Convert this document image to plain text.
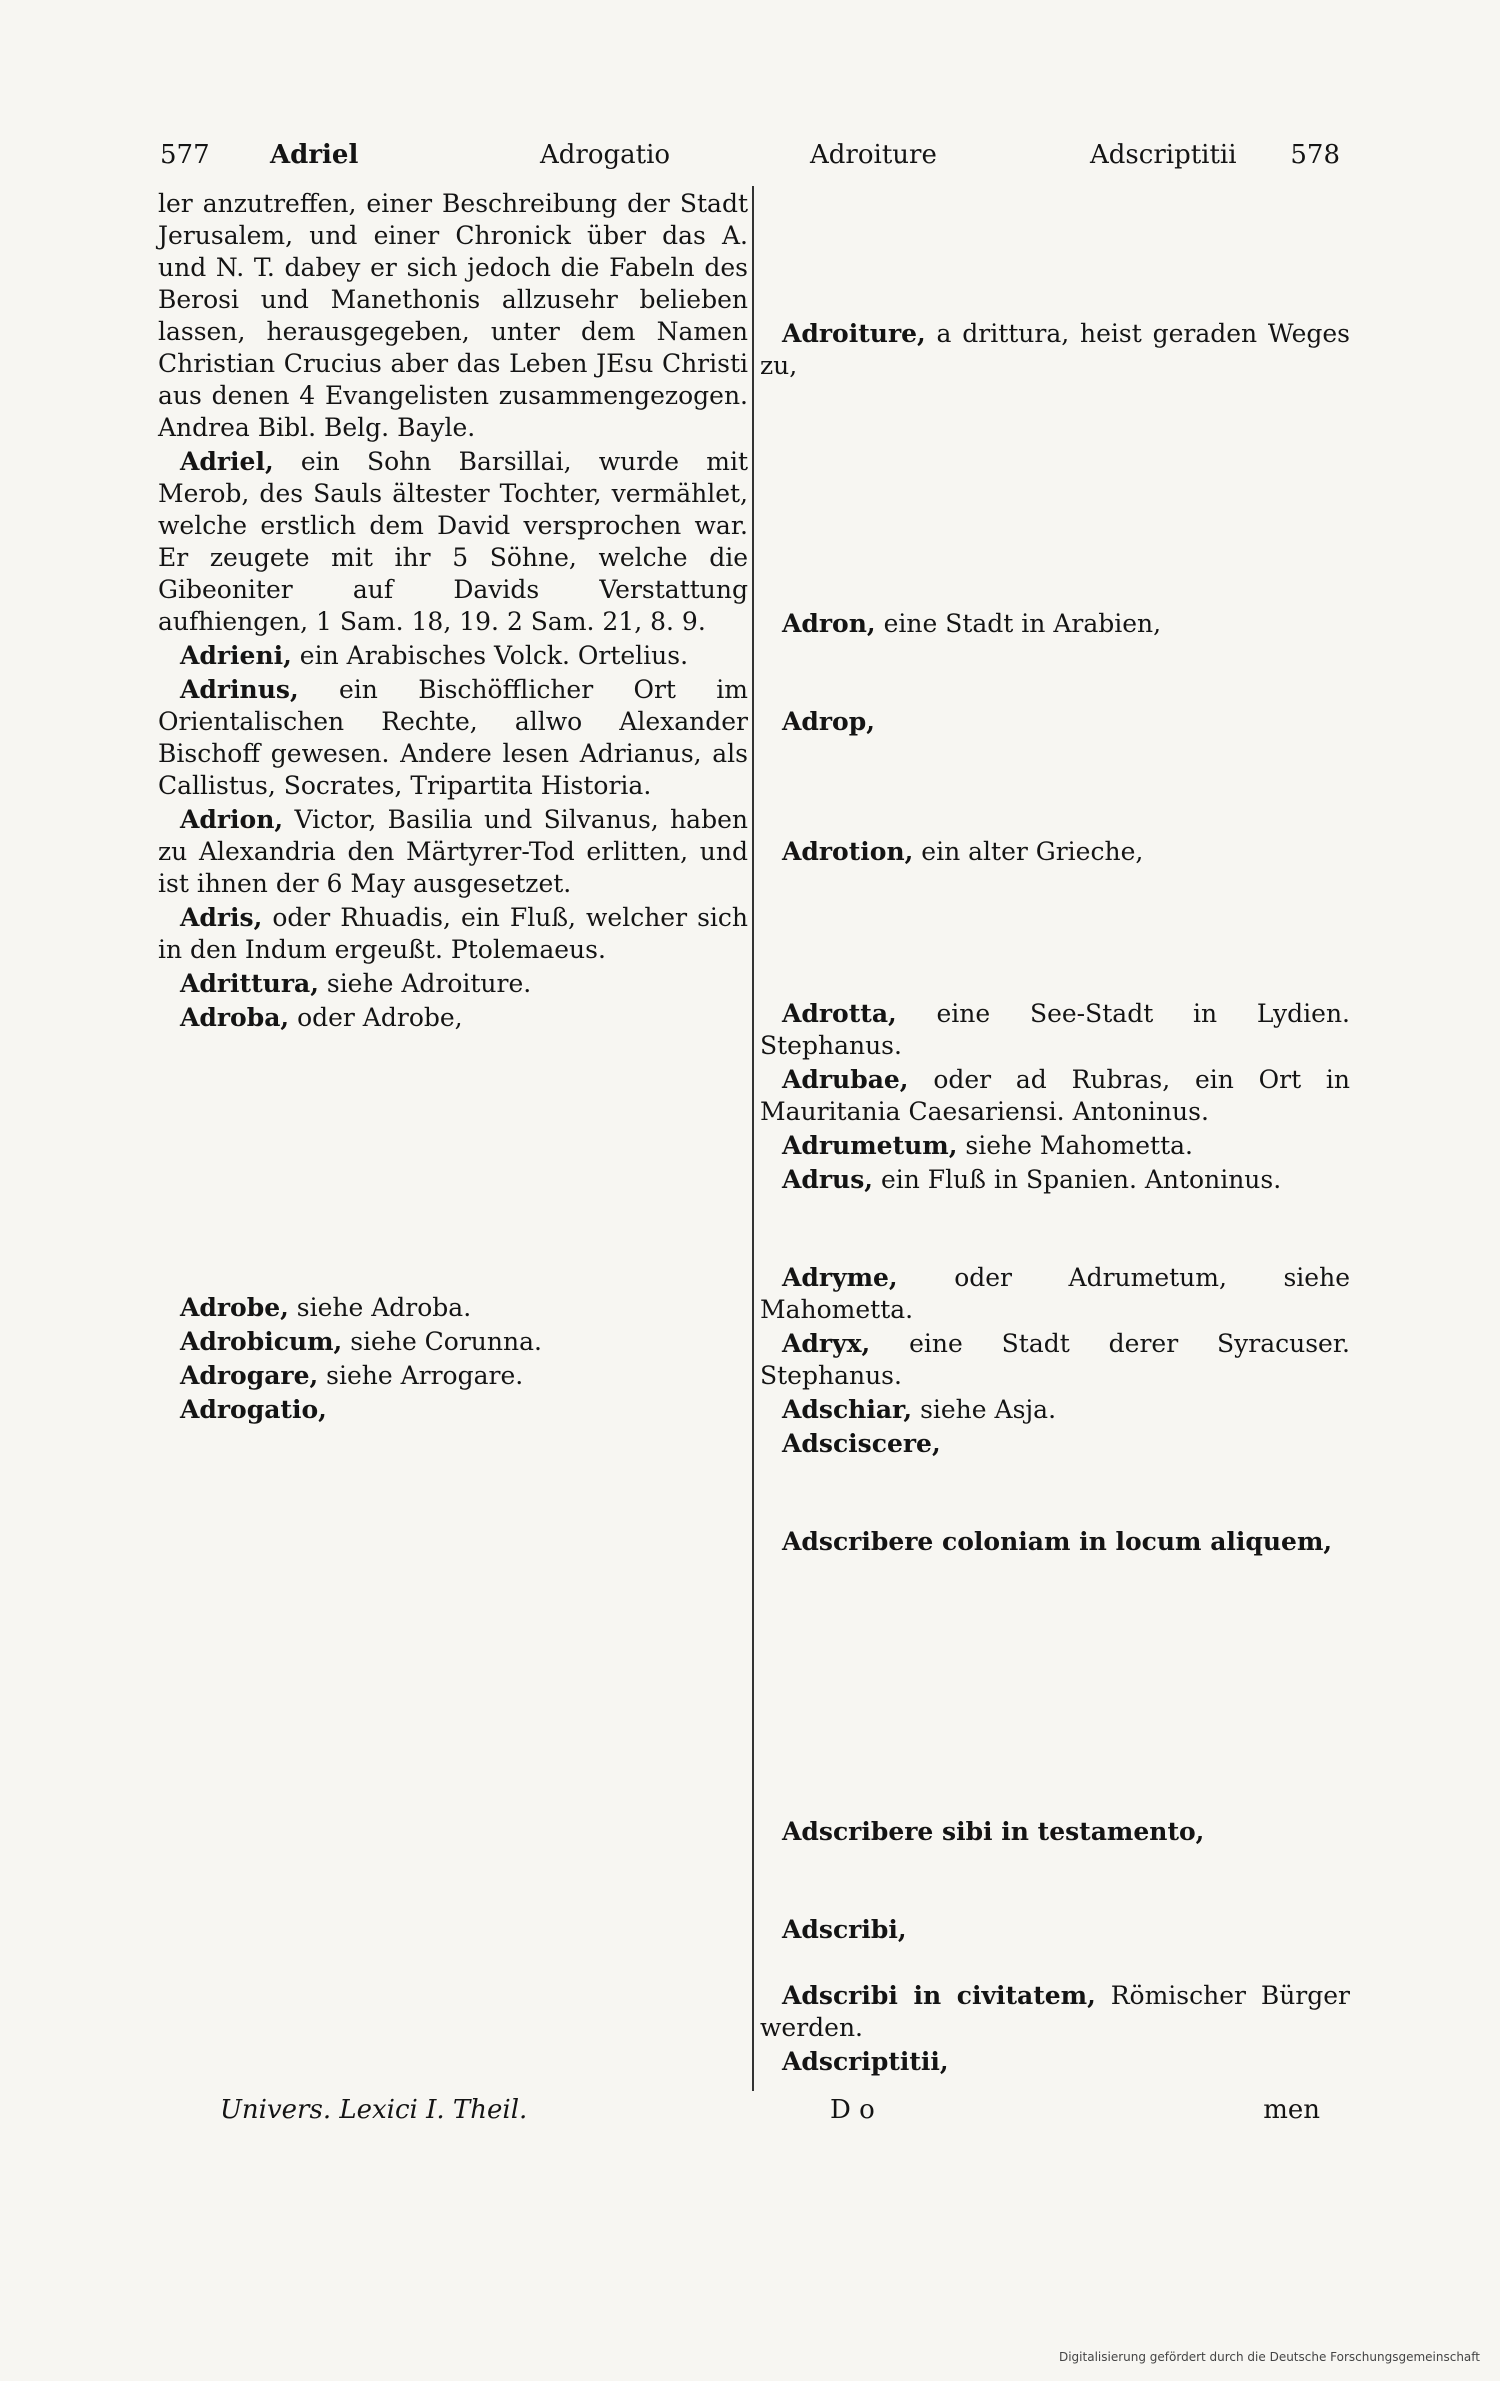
577 Adriel	Adrogatio	Adroiture	Adscriptitii 578
ler anzutreffen, einer Beschreibung der Stadt Jerusalem, und einer Chronick über das A. und N. T. dabey er sich jedoch die Fabeln des Berosi und Manethonis allzusehr belieben lassen, herausgegeben, unter dem Namen Christian Crucius aber das Leben JEsu Christi aus denen 4 Evangelisten zusammengezogen. Andrea Bibl. Belg. Bayle.
Adriel, ein Sohn Barsillai, wurde mit Merob, des Sauls ältester Tochter, vermählet, welche erstlich dem David versprochen war. Er zeugete mit ihr 5 Söhne, welche die Gibeoniter auf Davids Verstattung aufhiengen, 1 Sam. 18, 19. 2 Sam. 21, 8. 9.
Adrieni, ein Arabisches Volck. Ortelius.
Adrinus, ein Bischöfflicher Ort im Orientalischen Rechte, allwo Alexander Bischoff gewesen. Andere lesen Adrianus, als Callistus, Socrates, Tripartita Historia.
Adrion, Victor, Basilia und Silvanus, haben zu Alexandria den Märtyrer-Tod erlitten, und ist ihnen der 6 May ausgesetzet.
Adris, oder Rhuadis, ein Fluß, welcher sich in den Indum ergeußt. Ptolemaeus.
Adrittura, siehe Adroiture.
Adroba, oder Adrobe,
Adrobe, siehe Adroba.
Adrobicum, siehe Corunna.
Adrogare, siehe Arrogare.
Adrogatio,
Adroiture, a drittura, heist geraden Weges zu,
Adron, eine Stadt in Arabien,
Adrop,
Adrotion, ein alter Grieche,
Adrotta, eine See-Stadt in Lydien. Stephanus.
Adrubae, oder ad Rubras, ein Ort in Mauritania Caesariensi. Antoninus.
Adrumetum, siehe Mahometta.
Adrus, ein Fluß in Spanien. Antoninus.
Adryme, oder Adrumetum, siehe Mahometta.
Adryx, eine Stadt derer Syracuser. Stephanus.
Adschiar, siehe Asja.
Adsciscere,
Adscribere coloniam in locum aliquem,
Adscribere sibi in testamento,
Adscribi,
Adscribi in civitatem, Römischer Bürger werden.
Adscriptitii,
Univers. Lexici I. Theil.	D o	men
Digitalisierung gefördert durch die Deutsche Forschungsgemeinschaft
